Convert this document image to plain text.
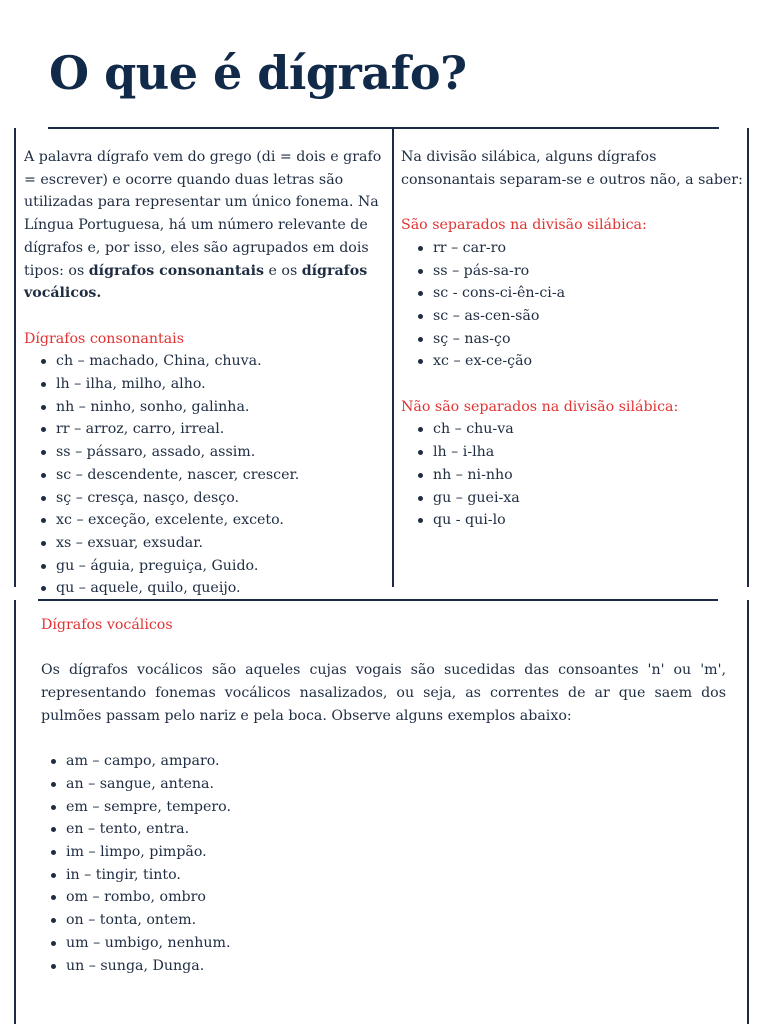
O que é dígrafo?

A palavra dígrafo vem do grego (di = dois e grafo = escrever) e ocorre quando duas letras são utilizadas para representar um único fonema. Na Língua Portuguesa, há um número relevante de dígrafos e, por isso, eles são agrupados em dois tipos: os dígrafos consonantais e os dígrafos vocálicos.

Dígrafos consonantais

ch – machado, China, chuva.
lh – ilha, milho, alho.
nh – ninho, sonho, galinha.
rr – arroz, carro, irreal.
ss – pássaro, assado, assim.
sc – descendente, nascer, crescer.
sç – cresça, nasço, desço.
xc – exceção, excelente, exceto.
xs – exsuar, exsudar.
gu – águia, preguiça, Guido.
qu – aquele, quilo, queijo.

Na divisão silábica, alguns dígrafos consonantais separam-se e outros não, a saber:

São separados na divisão silábica:

rr – car-ro
ss – pás-sa-ro
sc - cons-ci-ên-ci-a
sc – as-cen-são
sç – nas-ço
xc – ex-ce-ção

Não são separados na divisão silábica:

ch – chu-va
lh – i-lha
nh – ni-nho
gu – guei-xa
qu - qui-lo

Dígrafos vocálicos

Os dígrafos vocálicos são aqueles cujas vogais são sucedidas das consoantes 'n' ou 'm', representando fonemas vocálicos nasalizados, ou seja, as correntes de ar que saem dos pulmões passam pelo nariz e pela boca. Observe alguns exemplos abaixo:

am – campo, amparo.
an – sangue, antena.
em – sempre, tempero.
en – tento, entra.
im – limpo, pimpão.
in – tingir, tinto.
om – rombo, ombro
on – tonta, ontem.
um – umbigo, nenhum.
un – sunga, Dunga.
